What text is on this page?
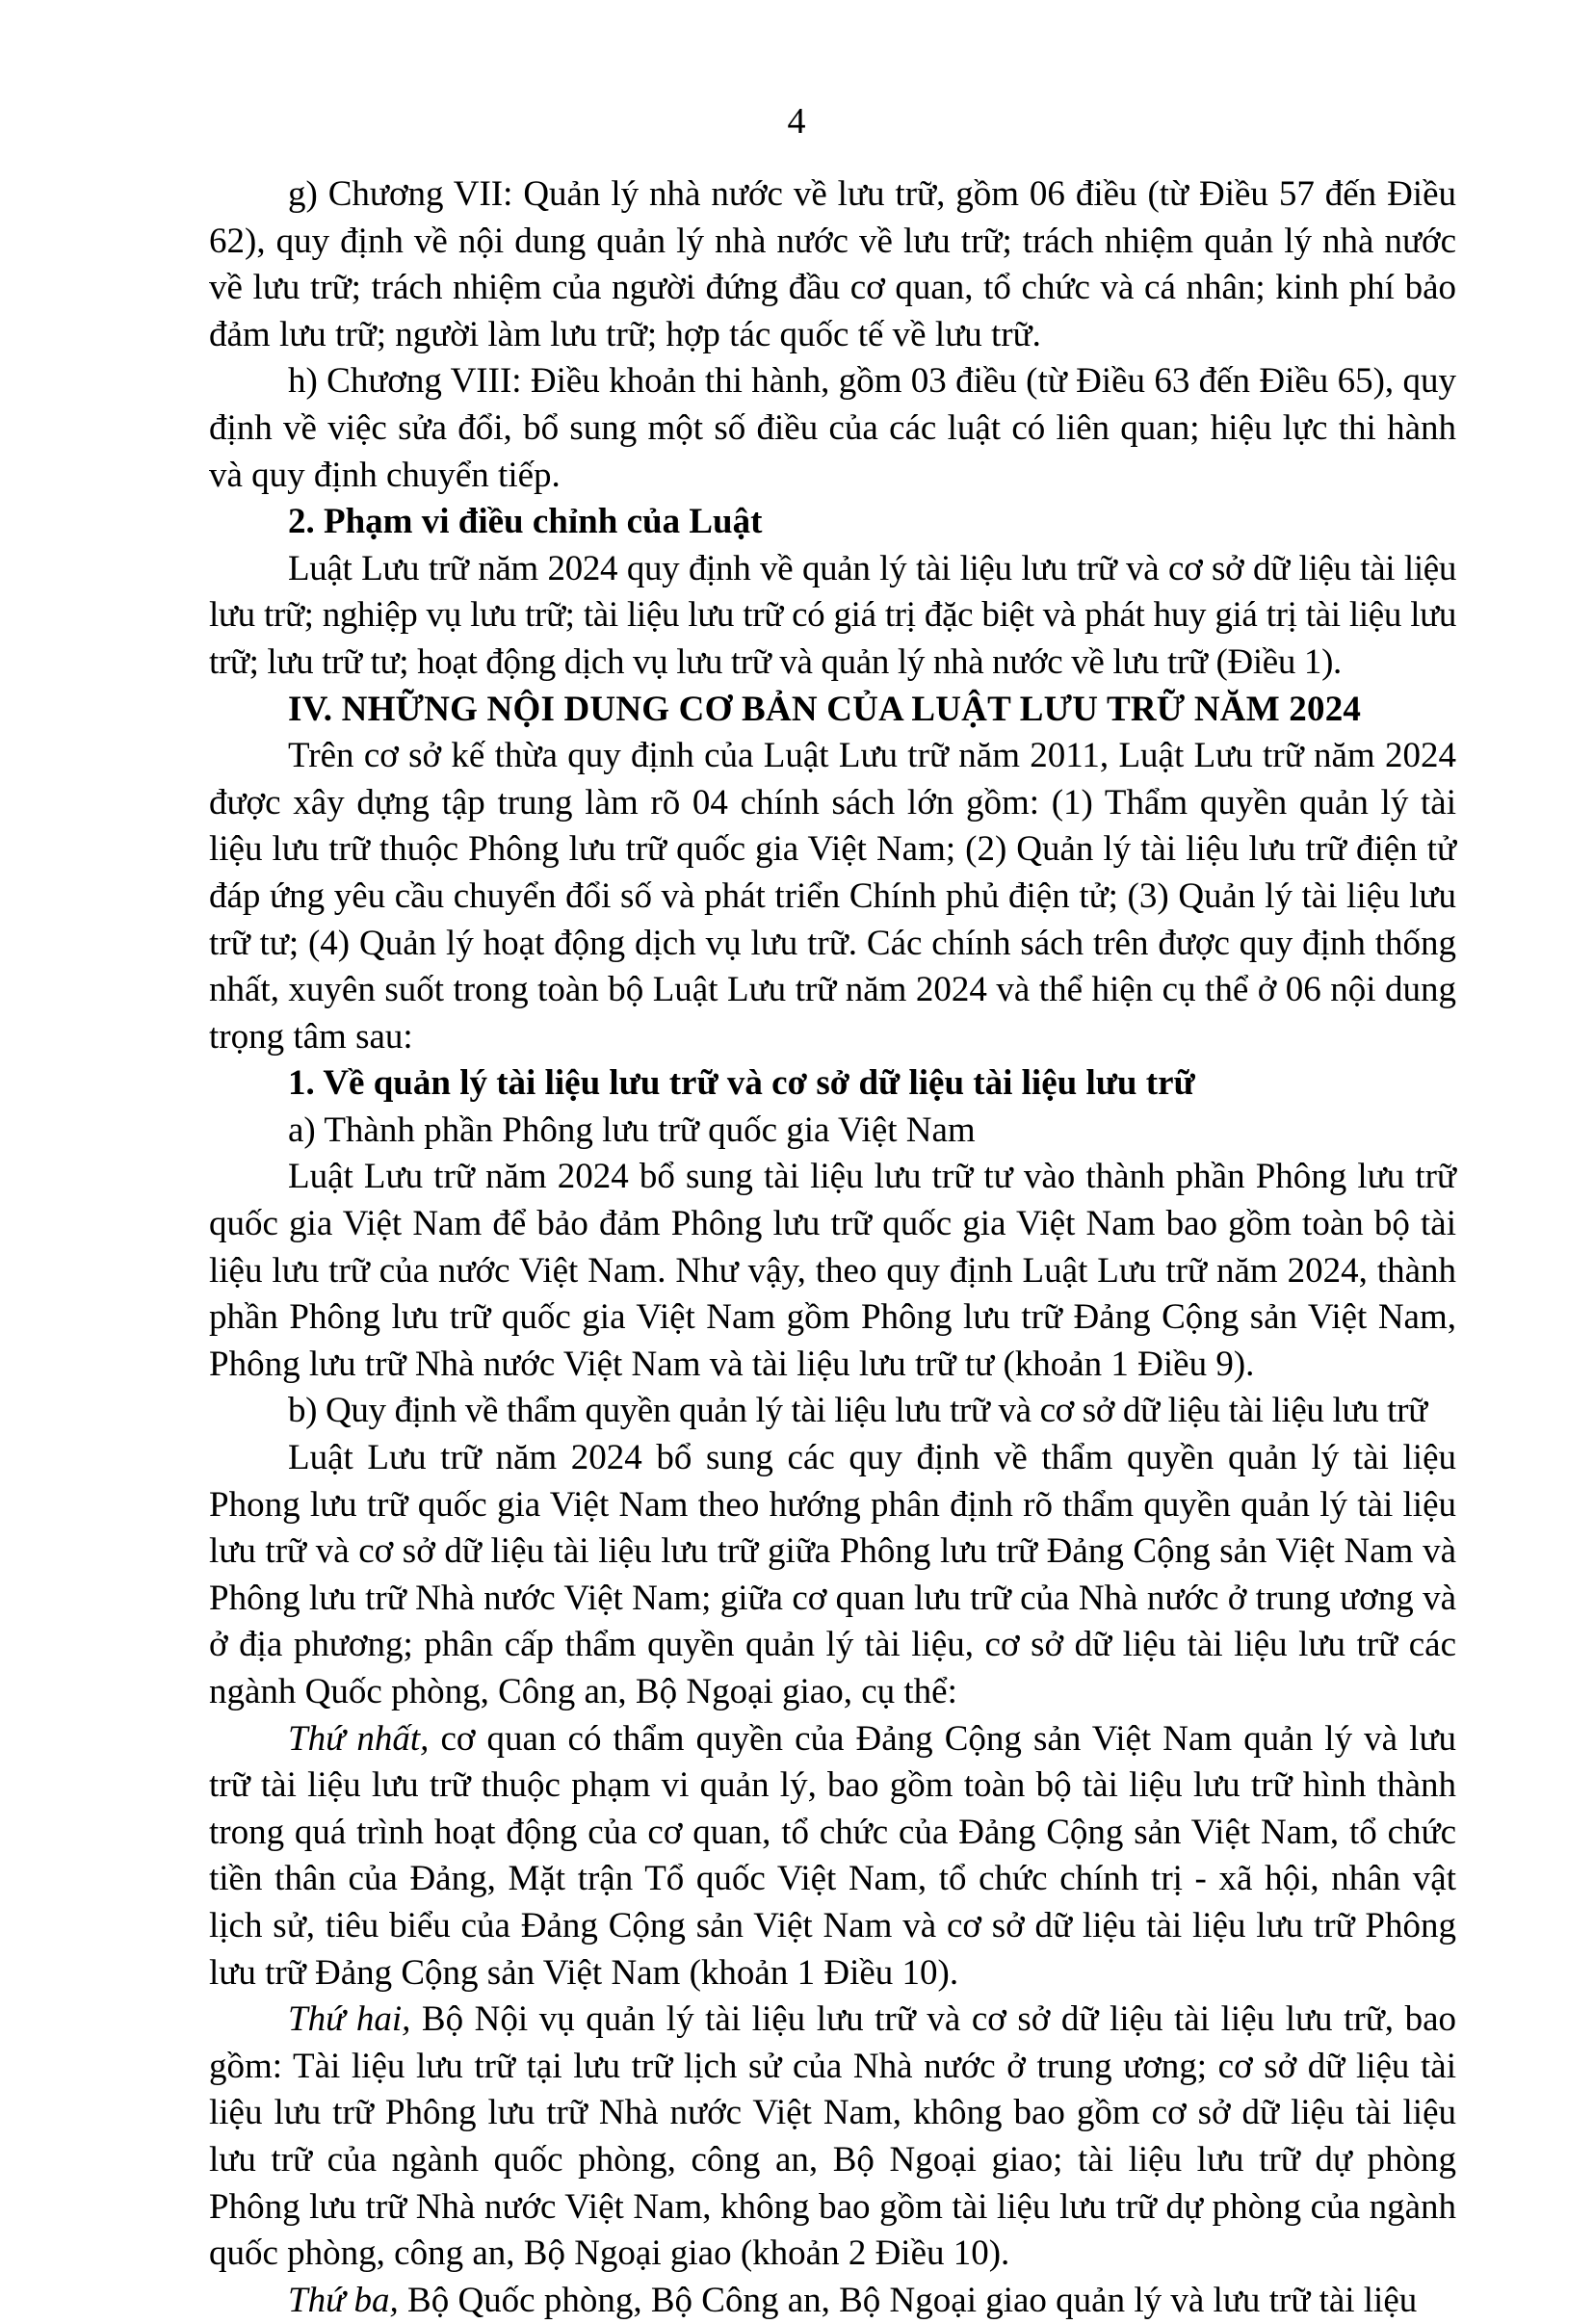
4

g) Chương VII: Quản lý nhà nước về lưu trữ, gồm 06 điều (từ Điều 57 đến Điều 62), quy định về nội dung quản lý nhà nước về lưu trữ; trách nhiệm quản lý nhà nước về lưu trữ; trách nhiệm của người đứng đầu cơ quan, tổ chức và cá nhân; kinh phí bảo đảm lưu trữ; người làm lưu trữ; hợp tác quốc tế về lưu trữ.

h) Chương VIII: Điều khoản thi hành, gồm 03 điều (từ Điều 63 đến Điều 65), quy định về việc sửa đổi, bổ sung một số điều của các luật có liên quan; hiệu lực thi hành và quy định chuyển tiếp.

2. Phạm vi điều chỉnh của Luật

Luật Lưu trữ năm 2024 quy định về quản lý tài liệu lưu trữ và cơ sở dữ liệu tài liệu lưu trữ; nghiệp vụ lưu trữ; tài liệu lưu trữ có giá trị đặc biệt và phát huy giá trị tài liệu lưu trữ; lưu trữ tư; hoạt động dịch vụ lưu trữ và quản lý nhà nước về lưu trữ (Điều 1).

IV. NHỮNG NỘI DUNG CƠ BẢN CỦA LUẬT LƯU TRỮ NĂM 2024

Trên cơ sở kế thừa quy định của Luật Lưu trữ năm 2011, Luật Lưu trữ năm 2024 được xây dựng tập trung làm rõ 04 chính sách lớn gồm: (1) Thẩm quyền quản lý tài liệu lưu trữ thuộc Phông lưu trữ quốc gia Việt Nam; (2) Quản lý tài liệu lưu trữ điện tử đáp ứng yêu cầu chuyển đổi số và phát triển Chính phủ điện tử; (3) Quản lý tài liệu lưu trữ tư; (4) Quản lý hoạt động dịch vụ lưu trữ. Các chính sách trên được quy định thống nhất, xuyên suốt trong toàn bộ Luật Lưu trữ năm 2024 và thể hiện cụ thể ở 06 nội dung trọng tâm sau:

1. Về quản lý tài liệu lưu trữ và cơ sở dữ liệu tài liệu lưu trữ

a) Thành phần Phông lưu trữ quốc gia Việt Nam

Luật Lưu trữ năm 2024 bổ sung tài liệu lưu trữ tư vào thành phần Phông lưu trữ quốc gia Việt Nam để bảo đảm Phông lưu trữ quốc gia Việt Nam bao gồm toàn bộ tài liệu lưu trữ của nước Việt Nam. Như vậy, theo quy định Luật Lưu trữ năm 2024, thành phần Phông lưu trữ quốc gia Việt Nam gồm Phông lưu trữ Đảng Cộng sản Việt Nam, Phông lưu trữ Nhà nước Việt Nam và tài liệu lưu trữ tư (khoản 1 Điều 9).

b) Quy định về thẩm quyền quản lý tài liệu lưu trữ và cơ sở dữ liệu tài liệu lưu trữ

Luật Lưu trữ năm 2024 bổ sung các quy định về thẩm quyền quản lý tài liệu Phong lưu trữ quốc gia Việt Nam theo hướng phân định rõ thẩm quyền quản lý tài liệu lưu trữ và cơ sở dữ liệu tài liệu lưu trữ giữa Phông lưu trữ Đảng Cộng sản Việt Nam và Phông lưu trữ Nhà nước Việt Nam; giữa cơ quan lưu trữ của Nhà nước ở trung ương và ở địa phương; phân cấp thẩm quyền quản lý tài liệu, cơ sở dữ liệu tài liệu lưu trữ các ngành Quốc phòng, Công an, Bộ Ngoại giao, cụ thể:

Thứ nhất, cơ quan có thẩm quyền của Đảng Cộng sản Việt Nam quản lý và lưu trữ tài liệu lưu trữ thuộc phạm vi quản lý, bao gồm toàn bộ tài liệu lưu trữ hình thành trong quá trình hoạt động của cơ quan, tổ chức của Đảng Cộng sản Việt Nam, tổ chức tiền thân của Đảng, Mặt trận Tổ quốc Việt Nam, tổ chức chính trị - xã hội, nhân vật lịch sử, tiêu biểu của Đảng Cộng sản Việt Nam và cơ sở dữ liệu tài liệu lưu trữ Phông lưu trữ Đảng Cộng sản Việt Nam (khoản 1 Điều 10).

Thứ hai, Bộ Nội vụ quản lý tài liệu lưu trữ và cơ sở dữ liệu tài liệu lưu trữ, bao gồm: Tài liệu lưu trữ tại lưu trữ lịch sử của Nhà nước ở trung ương; cơ sở dữ liệu tài liệu lưu trữ Phông lưu trữ Nhà nước Việt Nam, không bao gồm cơ sở dữ liệu tài liệu lưu trữ của ngành quốc phòng, công an, Bộ Ngoại giao; tài liệu lưu trữ dự phòng Phông lưu trữ Nhà nước Việt Nam, không bao gồm tài liệu lưu trữ dự phòng của ngành quốc phòng, công an, Bộ Ngoại giao (khoản 2 Điều 10).

Thứ ba, Bộ Quốc phòng, Bộ Công an, Bộ Ngoại giao quản lý và lưu trữ tài liệu
